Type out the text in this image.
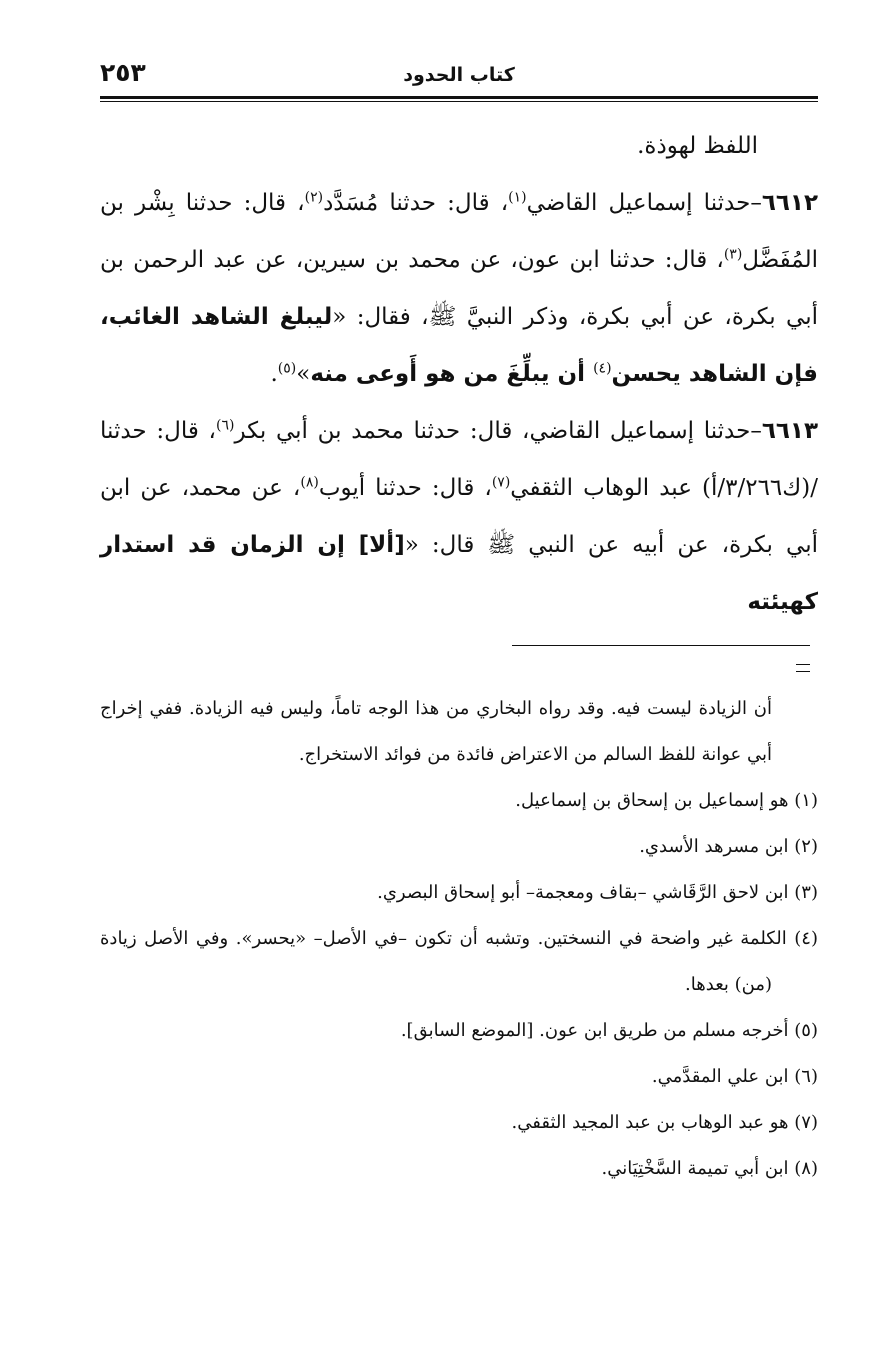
٢٥٣	كتاب الحدود

اللفظ لهوذة.

٦٦١٢–حدثنا إسماعيل القاضي$^{(١)}$، قال: حدثنا مُسَدَّد$^{(٢)}$، قال: حدثنا بِشْر بن المُفَضَّل$^{(٣)}$، قال: حدثنا ابن عون، عن محمد بن سيرين، عن عبد الرحمن بن أبي بكرة، عن أبي بكرة، وذكر النبيَّ ﷺ، فقال: «ليبلغ الشاهد الغائب، فإن الشاهد يحسن$^{(٤)}$ أن يبلِّغَ من هو أَوعى منه»$^{(٥)}$.

٦٦١٣–حدثنا إسماعيل القاضي، قال: حدثنا محمد بن أبي بكر$^{(٦)}$، قال: حدثنا /(ك٣/٢٦٦/أ) عبد الوهاب الثقفي$^{(٧)}$، قال: حدثنا أيوب$^{(٨)}$، عن محمد، عن ابن أبي بكرة، عن أبيه عن النبي ﷺ قال: «[ألا] إن الزمان قد استدار كهيئته

أن الزيادة ليست فيه. وقد رواه البخاري من هذا الوجه تاماً، وليس فيه الزيادة. ففي إخراج أبي عوانة للفظ السالم من الاعتراض فائدة من فوائد الاستخراج.

(١) هو إسماعيل بن إسحاق بن إسماعيل.

(٢) ابن مسرهد الأسدي.

(٣) ابن لاحق الرَّقَاشي –بقاف ومعجمة– أبو إسحاق البصري.

(٤) الكلمة غير واضحة في النسختين. وتشبه أن تكون –في الأصل– «يحسر». وفي الأصل زيادة (من) بعدها.

(٥) أخرجه مسلم من طريق ابن عون. [الموضع السابق].

(٦) ابن علي المقدَّمي.

(٧) هو عبد الوهاب بن عبد المجيد الثقفي.

(٨) ابن أبي تميمة السَّخْتِيَاني.
